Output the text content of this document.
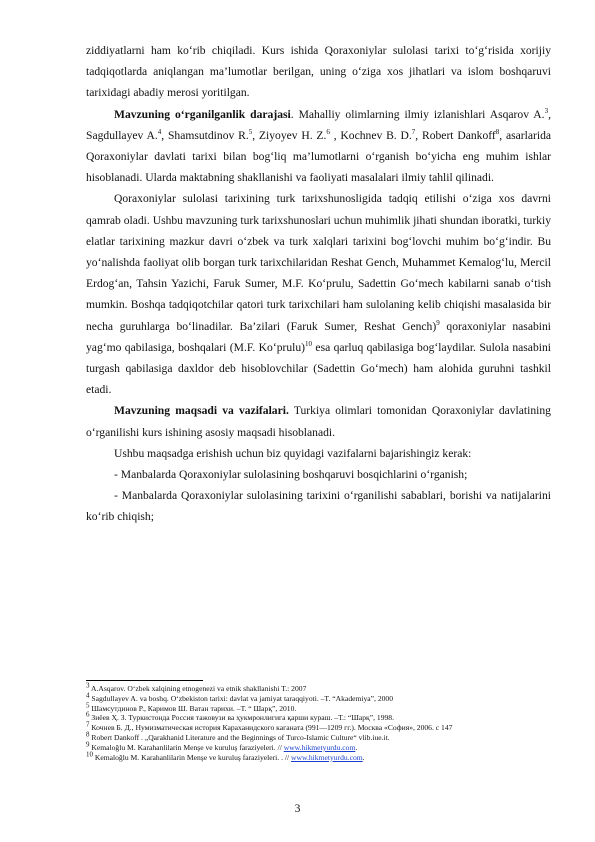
ziddiyatlarni ham ko‘rib chiqiladi. Kurs ishida Qoraxoniylar sulolasi tarixi to‘g‘risida xorijiy tadqiqotlarda aniqlangan ma’lumotlar berilgan, uning o‘ziga xos jihatlari va islom boshqaruvi tarixidagi abadiy merosi yoritilgan.

Mavzuning o‘rganilganlik darajasi. Mahalliy olimlarning ilmiy izlanishlari Asqarov A.$^3$, Sagdullayev A.$^4$, Shamsutdinov R.$^5$, Ziyoyev H. Z.$^6$ , Kochnev B. D.$^7$, Robert Dankoff$^8$, asarlarida Qoraxoniylar davlati tarixi bilan bog‘liq ma’lumotlarni o‘rganish bo‘yicha eng muhim ishlar hisoblanadi. Ularda maktabning shakllanishi va faoliyati masalalari ilmiy tahlil qilinadi.

Qoraxoniylar sulolasi tarixining turk tarixshunosligida tadqiq etilishi o‘ziga xos davrni qamrab oladi. Ushbu mavzuning turk tarixshunoslari uchun muhimlik jihati shundan iboratki, turkiy elatlar tarixining mazkur davri o‘zbek va turk xalqlari tarixini bog‘lovchi muhim bo‘g‘indir. Bu yo‘nalishda faoliyat olib borgan turk tarixchilaridan Reshat Gench, Muhammet Kemalog‘lu, Mercil Erdog‘an, Tahsin Yazichi, Faruk Sumer, M.F. Ko‘prulu, Sadettin Go‘mech kabilarni sanab o‘tish mumkin. Boshqa tadqiqotchilar qatori turk tarixchilari ham sulolaning kelib chiqishi masalasida bir necha guruhlarga bo‘linadilar. Ba’zilari (Faruk Sumer, Reshat Gench)$^9$ qoraxoniylar nasabini yag‘mo qabilasiga, boshqalari (M.F. Ko‘prulu)$^{10}$ esa qarluq qabilasiga bog‘laydilar. Sulola nasabini turgash qabilasiga daxldor deb hisoblovchilar (Sadettin Go‘mech) ham alohida guruhni tashkil etadi.

Mavzuning maqsadi va vazifalari. Turkiya olimlari tomonidan Qoraxoniylar davlatining o‘rganilishi kurs ishining asosiy maqsadi hisoblanadi.

Ushbu maqsadga erishish uchun biz quyidagi vazifalarni bajarishingiz kerak:

- Manbalarda Qoraxoniylar sulolasining boshqaruvi bosqichlarini o‘rganish;

- Manbalarda Qoraxoniylar sulolasining tarixini o‘rganilishi sabablari, borishi va natijalarini ko‘rib chiqish;

$^3$ A.Asqarov. O‘zbek xalqining etnogenezi va etnik shakllanishi T.: 2007
$^4$ Sagdullayev A. va boshq. O‘zbekiston tarixi: davlat va jamiyat taraqqiyoti. –T. “Akademiya”, 2000
$^5$ Шамсутдинов Р., Каримов Ш. Ватан тарихи. –Т. “ Шарқ”, 2010.
$^6$ Зиёев Ҳ. З. Туркистонда Россия тажовузи ва ҳукмронлигига қарши кураш. –Т.: “Шарқ”, 1998.
$^7$ Кочнев Б. Д., Нумизматическая история Караханидского каганата (991—1209 гг.). Москва «София», 2006. с 147
$^8$ Robert Dankoff . „Qarakhanid Literature and the Beginnings of Turco-Islamic Culture“ vlib.iue.it.
$^9$ Kemaloğlu M. Karahanlilarin Menşe ve kuruluş faraziyeleri. // www.hikmetyurdu.com.
$^{10}$ Kemaloğlu M. Karahanlilarin Menşe ve kuruluş faraziyeleri. . // www.hikmetyurdu.com.
3
